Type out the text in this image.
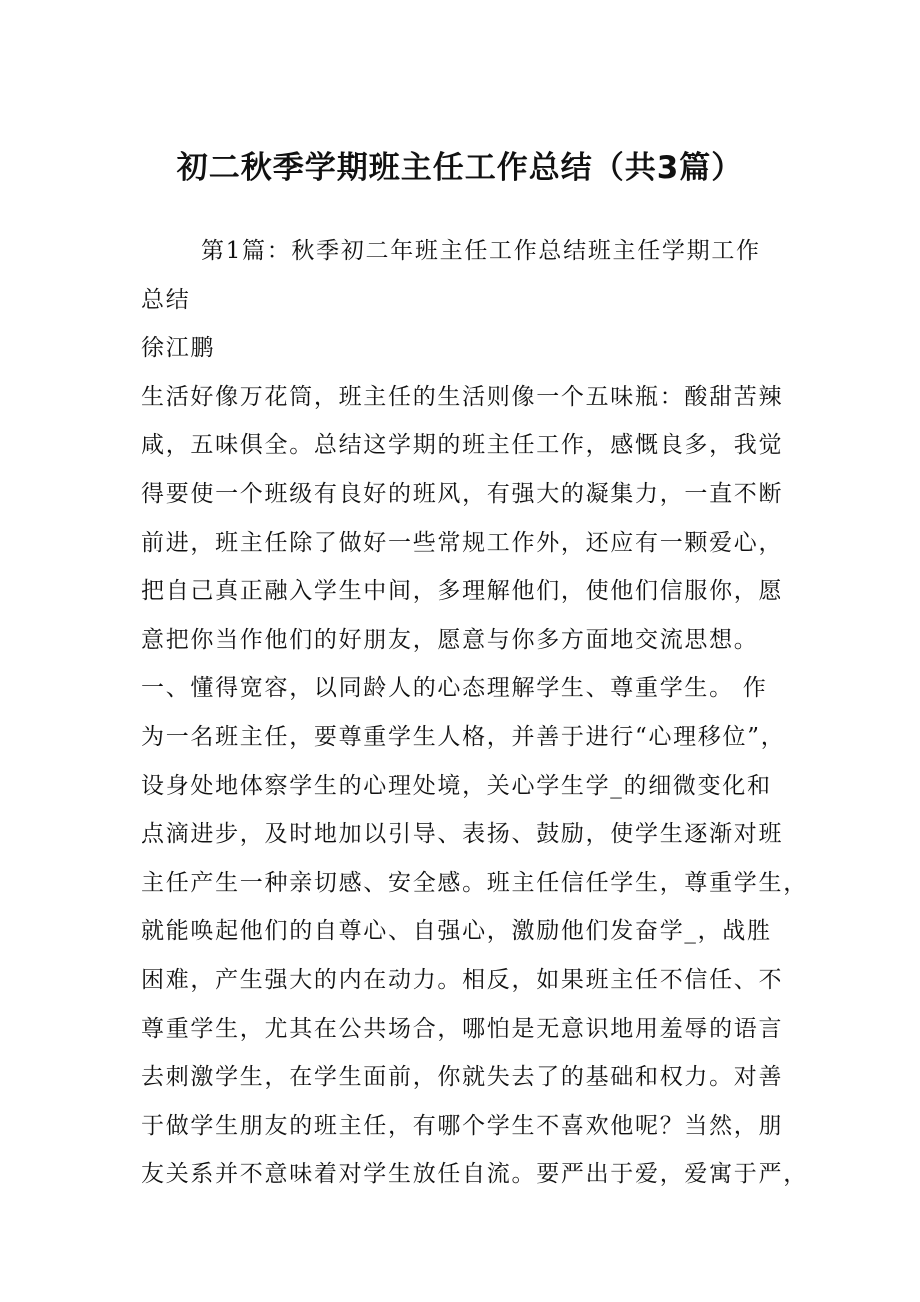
初二秋季学期班主任工作总结（共3篇）
第1篇：秋季初二年班主任工作总结班主任学期工作
总结
徐江鹏
生活好像万花筒，班主任的生活则像一个五味瓶：酸甜苦辣
咸，五味俱全。总结这学期的班主任工作，感慨良多，我觉
得要使一个班级有良好的班风，有强大的凝集力，一直不断
前进，班主任除了做好一些常规工作外，还应有一颗爱心，
把自己真正融入学生中间，多理解他们，使他们信服你，愿
意把你当作他们的好朋友，愿意与你多方面地交流思想。
一、懂得宽容，以同龄人的心态理解学生、尊重学生。 作
为一名班主任，要尊重学生人格，并善于进行“心理移位”，
设身处地体察学生的心理处境，关心学生学_的细微变化和
点滴进步，及时地加以引导、表扬、鼓励，使学生逐渐对班
主任产生一种亲切感、安全感。班主任信任学生，尊重学生，
就能唤起他们的自尊心、自强心，激励他们发奋学_，战胜
困难，产生强大的内在动力。相反，如果班主任不信任、不
尊重学生，尤其在公共场合，哪怕是无意识地用羞辱的语言
去刺激学生，在学生面前，你就失去了的基础和权力。对善
于做学生朋友的班主任，有哪个学生不喜欢他呢？当然，朋
友关系并不意味着对学生放任自流。要严出于爱，爱寓于严，
